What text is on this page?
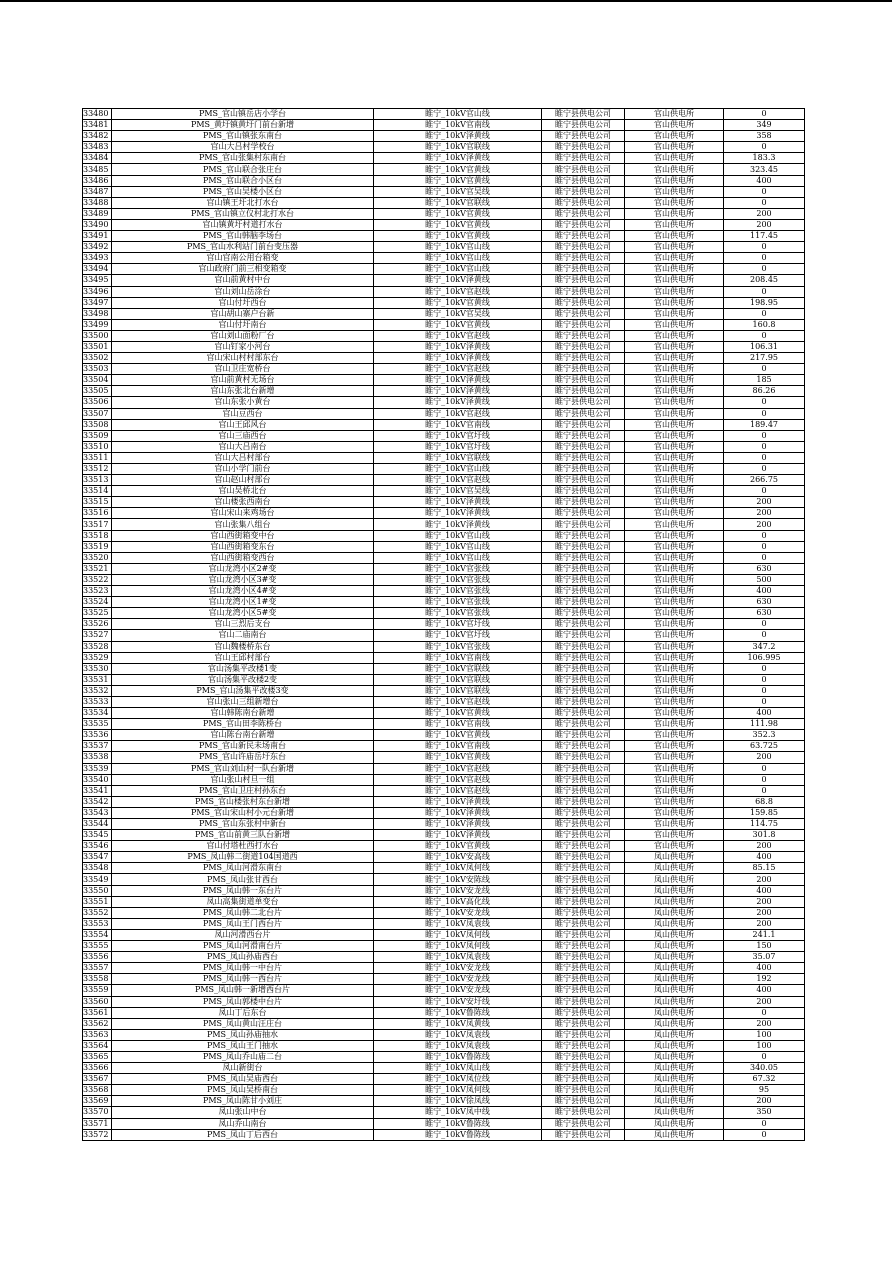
33480	PMS_官山镇岳店小学台	睢宁_10kV官山线	睢宁县供电公司	官山供电所	0
33481	PMS_黄圩镇黄圩门前台新增	睢宁_10kV官南线	睢宁县供电公司	官山供电所	349
33482	PMS_官山镇张东南台	睢宁_10kV泽黄线	睢宁县供电公司	官山供电所	358
33483	官山大吕村学校台	睢宁_10kV官联线	睢宁县供电公司	官山供电所	0
33484	PMS_官山张集村东南台	睢宁_10kV泽黄线	睢宁县供电公司	官山供电所	183.3
33485	PMS_官山联合张庄台	睢宁_10kV官黄线	睢宁县供电公司	官山供电所	323.45
33486	PMS_官山联合小区台	睢宁_10kV官黄线	睢宁县供电公司	官山供电所	400
33487	PMS_官山吴楼小区台	睢宁_10kV官吴线	睢宁县供电公司	官山供电所	0
33488	官山镇王圩北打水台	睢宁_10kV官联线	睢宁县供电公司	官山供电所	0
33489	PMS_官山镇立仪村北打水台	睢宁_10kV官黄线	睢宁县供电公司	官山供电所	200
33490	官山镇黄圩村道打水台	睢宁_10kV官黄线	睢宁县供电公司	官山供电所	200
33491	PMS_官山韩脑李场台	睢宁_10kV官黄线	睢宁县供电公司	官山供电所	117.45
33492	PMS_官山水利站门前台变压器	睢宁_10kV官山线	睢宁县供电公司	官山供电所	0
33493	官山官南公用台箱变	睢宁_10kV官山线	睢宁县供电公司	官山供电所	0
33494	官山政府门前三相变箱变	睢宁_10kV官山线	睢宁县供电公司	官山供电所	0
33495	官山前黄村中台	睢宁_10kV泽黄线	睢宁县供电公司	官山供电所	208.45
33496	官山刘山岳涂台	睢宁_10kV官赵线	睢宁县供电公司	官山供电所	0
33497	官山付圩西台	睢宁_10kV官黄线	睢宁县供电公司	官山供电所	198.95
33498	官山胡山寨户台新	睢宁_10kV官吴线	睢宁县供电公司	官山供电所	0
33499	官山付圩南台	睢宁_10kV官黄线	睢宁县供电公司	官山供电所	160.8
33500	官山刘山面粉厂台	睢宁_10kV官赵线	睢宁县供电公司	官山供电所	0
33501	官山钉家小河台	睢宁_10kV泽黄线	睢宁县供电公司	官山供电所	106.31
33502	官山宋山村村部东台	睢宁_10kV泽黄线	睢宁县供电公司	官山供电所	217.95
33503	官山卫庄宽桥台	睢宁_10kV官赵线	睢宁县供电公司	官山供电所	0
33504	官山前黄村无场台	睢宁_10kV泽黄线	睢宁县供电公司	官山供电所	185
33505	官山东张北台新增	睢宁_10kV泽黄线	睢宁县供电公司	官山供电所	86.26
33506	官山东张小黄台	睢宁_10kV泽黄线	睢宁县供电公司	官山供电所	0
33507	官山豆西台	睢宁_10kV官赵线	睢宁县供电公司	官山供电所	0
33508	官山王邱风台	睢宁_10kV官南线	睢宁县供电公司	官山供电所	189.47
33509	官山三庙西台	睢宁_10kV官圩线	睢宁县供电公司	官山供电所	0
33510	官山大吕南台	睢宁_10kV官圩线	睢宁县供电公司	官山供电所	0
33511	官山大吕村部台	睢宁_10kV官联线	睢宁县供电公司	官山供电所	0
33512	官山小学门前台	睢宁_10kV官山线	睢宁县供电公司	官山供电所	0
33513	官山赵山村部台	睢宁_10kV官赵线	睢宁县供电公司	官山供电所	266.75
33514	官山吴桥北台	睢宁_10kV官吴线	睢宁县供电公司	官山供电所	0
33515	官山楼张西南台	睢宁_10kV泽黄线	睢宁县供电公司	官山供电所	200
33516	官山宋山来鸡场台	睢宁_10kV泽黄线	睢宁县供电公司	官山供电所	200
33517	官山张集八组台	睢宁_10kV泽黄线	睢宁县供电公司	官山供电所	200
33518	官山西街箱变中台	睢宁_10kV官山线	睢宁县供电公司	官山供电所	0
33519	官山西街箱变东台	睢宁_10kV官山线	睢宁县供电公司	官山供电所	0
33520	官山西街箱变西台	睢宁_10kV官山线	睢宁县供电公司	官山供电所	0
33521	官山龙湾小区2#变	睢宁_10kV官张线	睢宁县供电公司	官山供电所	630
33522	官山龙湾小区3#变	睢宁_10kV官张线	睢宁县供电公司	官山供电所	500
33523	官山龙湾小区4#变	睢宁_10kV官张线	睢宁县供电公司	官山供电所	400
33524	官山龙湾小区1#变	睢宁_10kV官张线	睢宁县供电公司	官山供电所	630
33525	官山龙湾小区5#变	睢宁_10kV官张线	睢宁县供电公司	官山供电所	630
33526	官山三烈后支台	睢宁_10kV官圩线	睢宁县供电公司	官山供电所	0
33527	官山二庙南台	睢宁_10kV官圩线	睢宁县供电公司	官山供电所	0
33528	官山魏楼桥东台	睢宁_10kV官张线	睢宁县供电公司	官山供电所	347.2
33529	官山王邱村部台	睢宁_10kV官南线	睢宁县供电公司	官山供电所	106.995
33530	官山汤集平改楼1变	睢宁_10kV官联线	睢宁县供电公司	官山供电所	0
33531	官山汤集平改楼2变	睢宁_10kV官联线	睢宁县供电公司	官山供电所	0
33532	PMS_官山汤集平改楼3变	睢宁_10kV官联线	睢宁县供电公司	官山供电所	0
33533	官山张山三组新增台	睢宁_10kV官赵线	睢宁县供电公司	官山供电所	0
33534	官山韩陈南台新增	睢宁_10kV官黄线	睢宁县供电公司	官山供电所	400
33535	PMS_官山田李陈桥台	睢宁_10kV官南线	睢宁县供电公司	官山供电所	111.98
33536	官山陈台南台新增	睢宁_10kV官黄线	睢宁县供电公司	官山供电所	352.3
33537	PMS_官山新民未场南台	睢宁_10kV官南线	睢宁县供电公司	官山供电所	63.725
33538	PMS_官山许庙岳圩东台	睢宁_10kV官黄线	睢宁县供电公司	官山供电所	200
33539	PMS_官山刘山村一队台新增	睢宁_10kV官赵线	睢宁县供电公司	官山供电所	0
33540	官山张山村旦一组	睢宁_10kV官赵线	睢宁县供电公司	官山供电所	0
33541	PMS_官山卫庄村孙东台	睢宁_10kV官赵线	睢宁县供电公司	官山供电所	0
33542	PMS_官山楼张村东台新增	睢宁_10kV泽黄线	睢宁县供电公司	官山供电所	68.8
33543	PMS_官山宋山村小元台新增	睢宁_10kV泽黄线	睢宁县供电公司	官山供电所	159.85
33544	PMS_官山东张村中新台	睢宁_10kV泽黄线	睢宁县供电公司	官山供电所	114.75
33545	PMS_官山前黄三队台新增	睢宁_10kV泽黄线	睢宁县供电公司	官山供电所	301.8
33546	官山付塔杜西打水台	睢宁_10kV官黄线	睢宁县供电公司	官山供电所	200
33547	PMS_凤山韩二街道104国道西	睢宁_10kV安高线	睢宁县供电公司	凤山供电所	400
33548	PMS_凤山河滑东南台	睢宁_10kV凤何线	睢宁县供电公司	凤山供电所	85.15
33549	PMS_凤山张甘西台	睢宁_10kV安陈线	睢宁县供电公司	凤山供电所	200
33550	PMS_凤山韩一东台片	睢宁_10kV安龙线	睢宁县供电公司	凤山供电所	400
33551	凤山高集街道单变台	睢宁_10kV高化线	睢宁县供电公司	凤山供电所	200
33552	PMS_凤山韩二北台片	睢宁_10kV安龙线	睢宁县供电公司	凤山供电所	200
33553	PMS_凤山王门西台片	睢宁_10kV凤袁线	睢宁县供电公司	凤山供电所	200
33554	凤山河滑西台片	睢宁_10kV凤何线	睢宁县供电公司	凤山供电所	241.1
33555	PMS_凤山河滑南台片	睢宁_10kV凤何线	睢宁县供电公司	凤山供电所	150
33556	PMS_凤山孙庙西台	睢宁_10kV凤袁线	睢宁县供电公司	凤山供电所	35.07
33557	PMS_凤山韩一中台片	睢宁_10kV安龙线	睢宁县供电公司	凤山供电所	400
33558	PMS_凤山韩一西台片	睢宁_10kV安龙线	睢宁县供电公司	凤山供电所	192
33559	PMS_凤山韩一新增西台片	睢宁_10kV安龙线	睢宁县供电公司	凤山供电所	400
33560	PMS_凤山郭楼中台片	睢宁_10kV安圩线	睢宁县供电公司	凤山供电所	200
33561	凤山丁后东台	睢宁_10kV鲁陈线	睢宁县供电公司	凤山供电所	0
33562	PMS_凤山黄山汪庄台	睢宁_10kV凤黄线	睢宁县供电公司	凤山供电所	200
33563	PMS_凤山孙庙抽水	睢宁_10kV凤袁线	睢宁县供电公司	凤山供电所	100
33564	PMS_凤山王门抽水	睢宁_10kV凤袁线	睢宁县供电公司	凤山供电所	100
33565	PMS_凤山乔山庙二台	睢宁_10kV鲁陈线	睢宁县供电公司	凤山供电所	0
33566	凤山新街台	睢宁_10kV凤山线	睢宁县供电公司	凤山供电所	340.05
33567	PMS_凤山吴庙西台	睢宁_10kV凤位线	睢宁县供电公司	凤山供电所	67.32
33568	PMS_凤山吴桥南台	睢宁_10kV凤何线	睢宁县供电公司	凤山供电所	95
33569	PMS_凤山陈甘小刘庄	睢宁_10kV徐凤线	睢宁县供电公司	凤山供电所	200
33570	凤山张山中台	睢宁_10kV凤中线	睢宁县供电公司	凤山供电所	350
33571	凤山乔山南台	睢宁_10kV鲁陈线	睢宁县供电公司	凤山供电所	0
33572	PMS_凤山丁后西台	睢宁_10kV鲁陈线	睢宁县供电公司	凤山供电所	0
